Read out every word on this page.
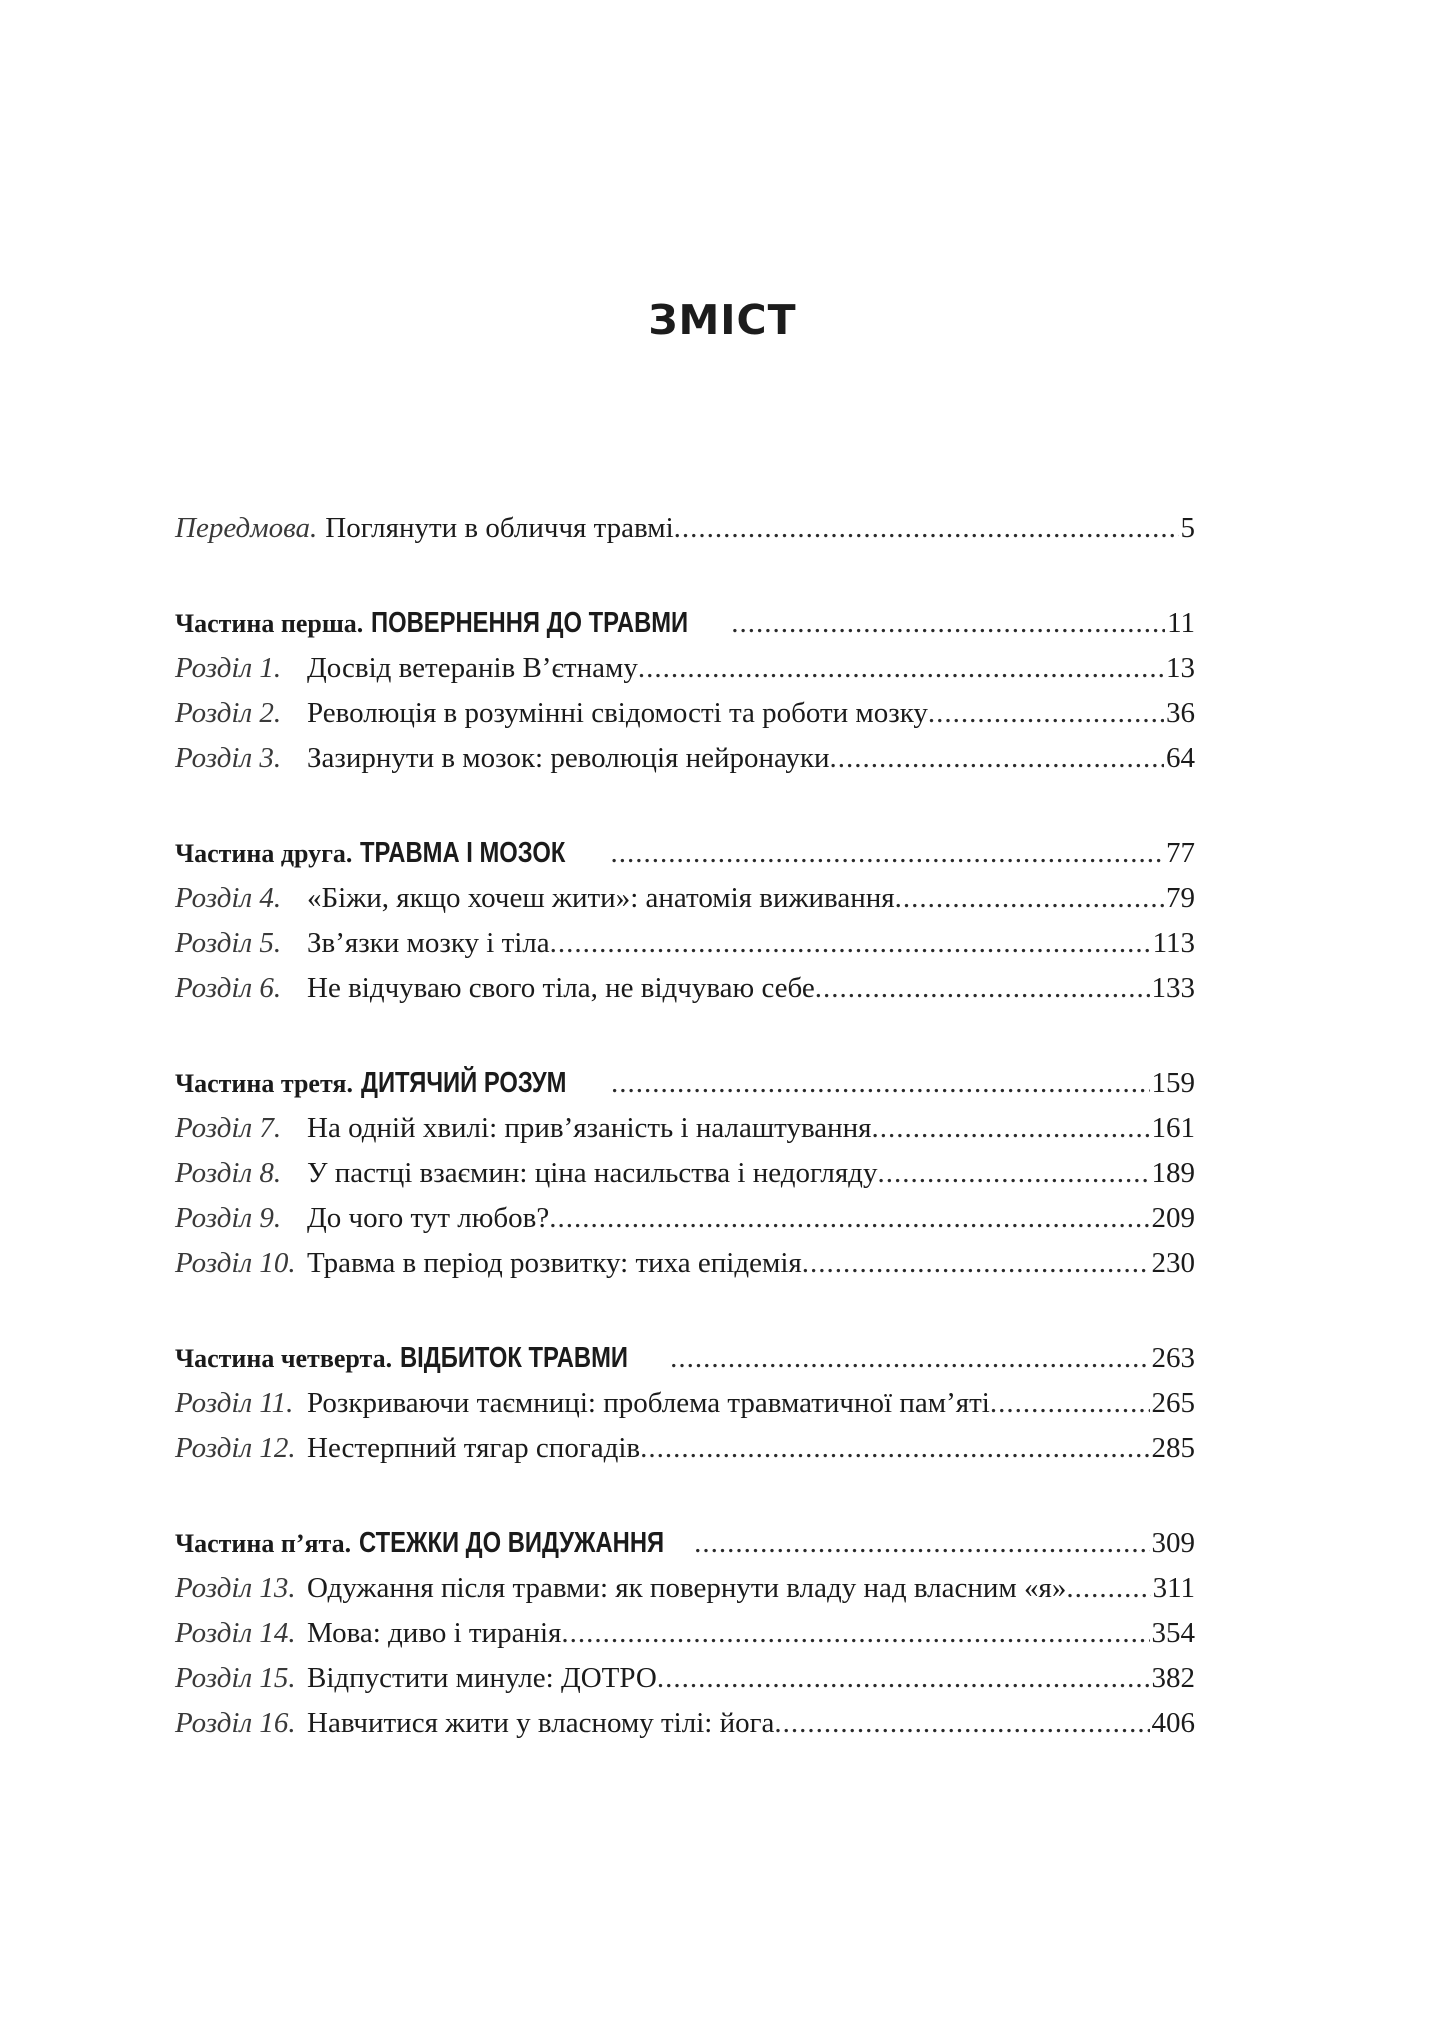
ЗМІСТ
Передмова. Поглянути в обличчя травмі .....	5
Частина перша. ПОВЕРНЕННЯ ДО ТРАВМИ .....	11
Розділ 1. Досвід ветеранів В’єтнаму .....	13
Розділ 2. Революція в розумінні свідомості та роботи мозку .....	36
Розділ 3. Зазирнути в мозок: революція нейронауки .....	64
Частина друга. ТРАВМА І МОЗОК .....	77
Розділ 4. «Біжи, якщо хочеш жити»: анатомія виживання .....	79
Розділ 5. Зв’язки мозку і тіла .....	113
Розділ 6. Не відчуваю свого тіла, не відчуваю себе .....	133
Частина третя. ДИТЯЧИЙ РОЗУМ .....	159
Розділ 7. На одній хвилі: прив’язаність і налаштування .....	161
Розділ 8. У пастці взаємин: ціна насильства і недогляду .....	189
Розділ 9. До чого тут любов? .....	209
Розділ 10. Травма в період розвитку: тиха епідемія .....	230
Частина четверта. ВІДБИТОК ТРАВМИ .....	263
Розділ 11. Розкриваючи таємниці: проблема травматичної пам’яті .....	265
Розділ 12. Нестерпний тягар спогадів .....	285
Частина п’ята. СТЕЖКИ ДО ВИДУЖАННЯ .....	309
Розділ 13. Одужання після травми: як повернути владу над власним «я» .....	311
Розділ 14. Мова: диво і тиранія .....	354
Розділ 15. Відпустити минуле: ДОТРО .....	382
Розділ 16. Навчитися жити у власному тілі: йога .....	406
